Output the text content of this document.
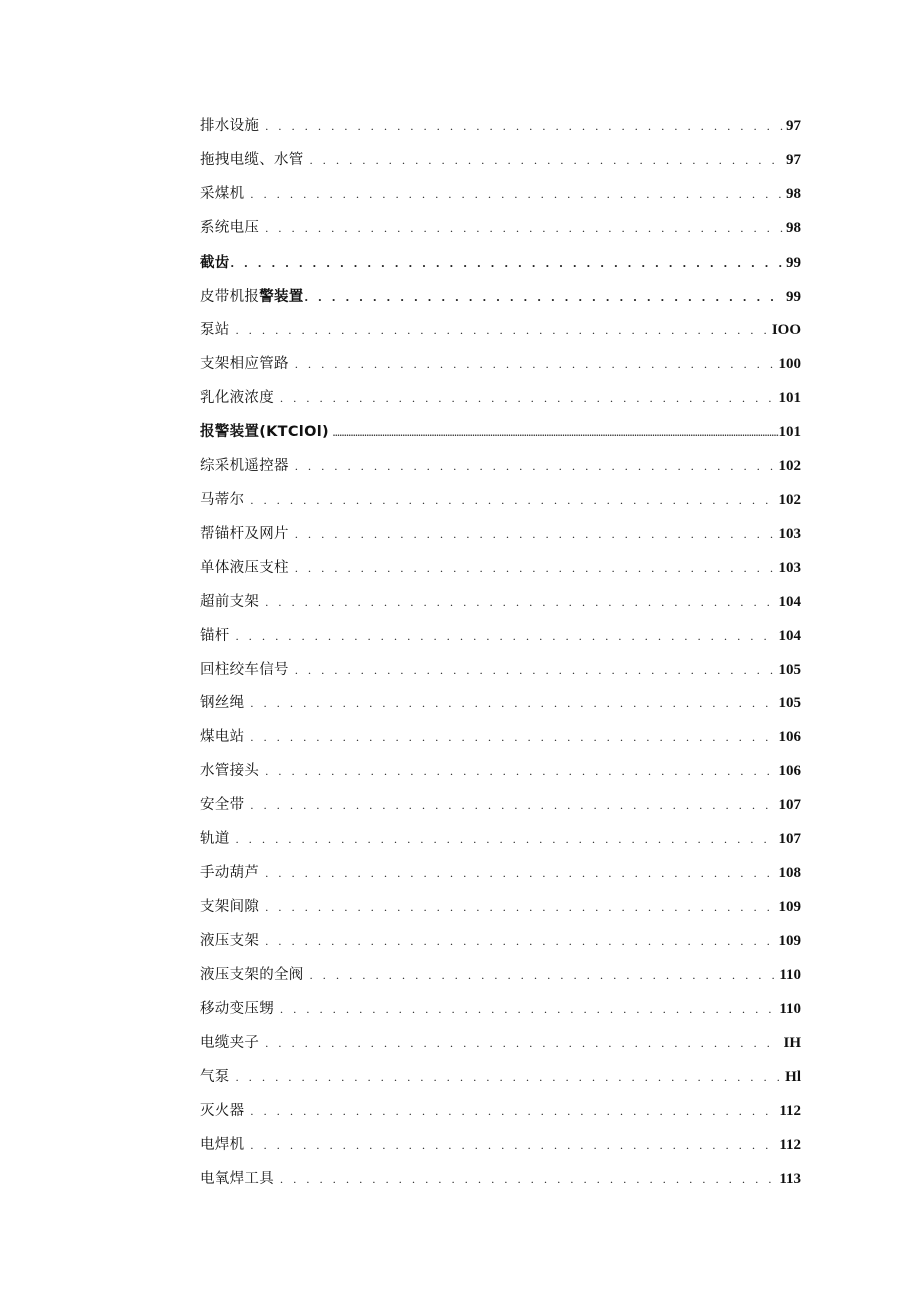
排水设施 . . .	97
拖拽电缆、水管 . . .	97
采煤机 . . .	98
系统电压 . . .	98
截齿 . . .	99
皮带机报警装置 . . .	99
泵站 . . .	IOO
支架相应管路 . . .	100
乳化液浓度 . . .	101
报警装置(KTClOl) .....	101
综采机遥控器 . . .	102
马蒂尔 . . .	102
帮锚杆及网片 . . .	103
单体液压支柱 . . .	103
超前支架 . . .	104
锚杆 . . .	104
回柱绞车信号 . . .	105
钢丝绳 . . .	105
煤电站 . . .	106
水管接头 . . .	106
安全带 . . .	107
轨道 . . .	107
手动葫芦 . . .	108
支架间隙 . . .	109
液压支架 . . .	109
液压支架的全阀 . . .	110
移动变压甥 . . .	110
电缆夹子 . . .	IH
气泵 . . .	Hl
灭火器 . . .	112
电焊机 . . .	112
电氧焊工具 . . .	113
